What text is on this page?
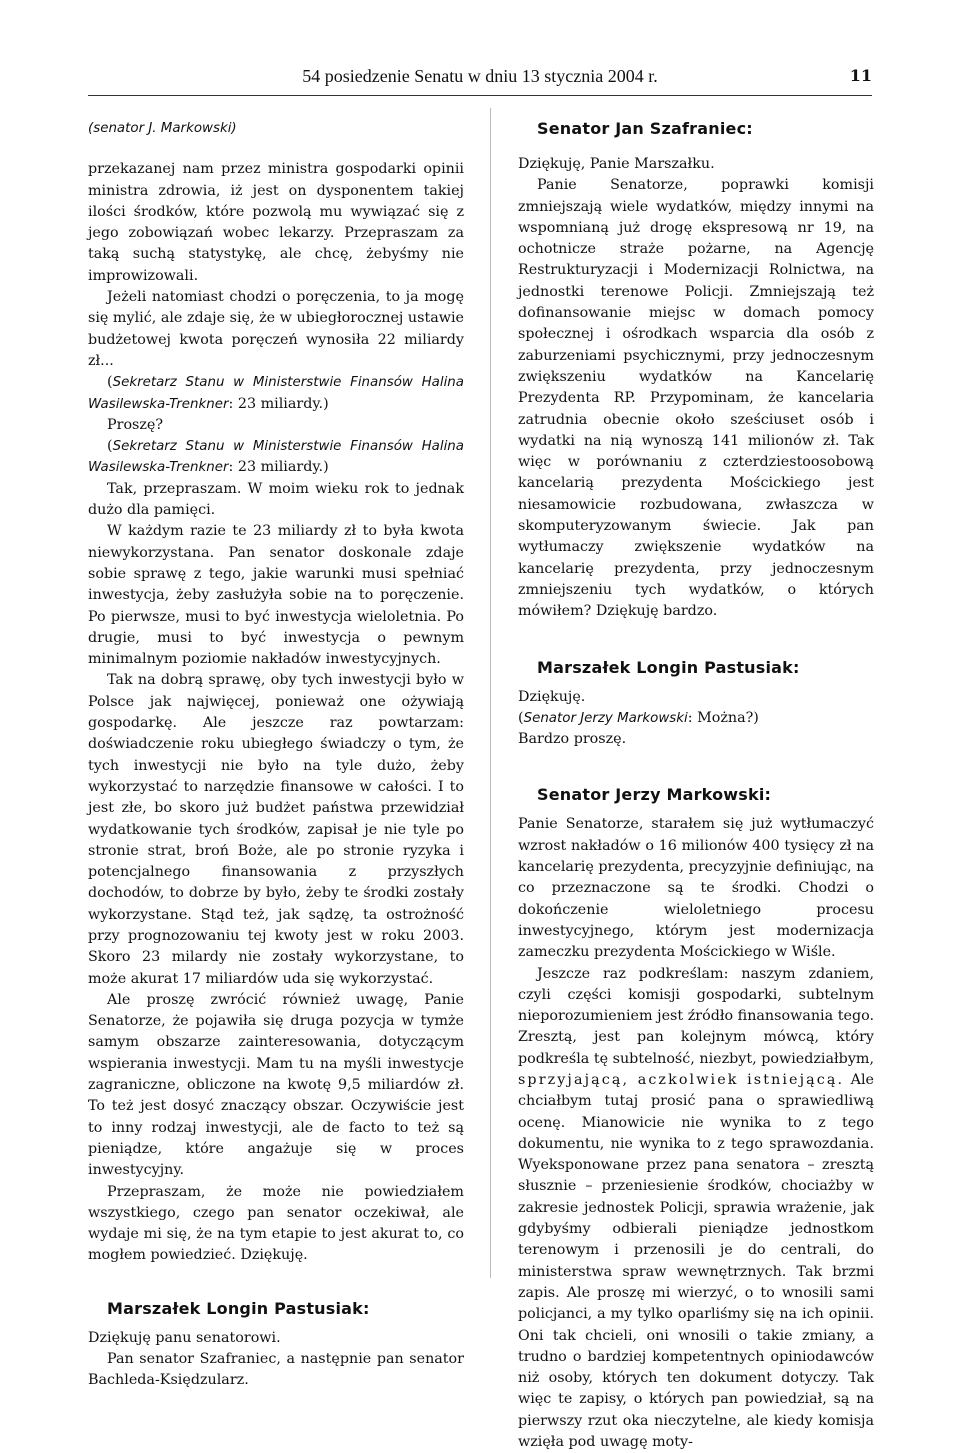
54 posiedzenie Senatu w dniu 13 stycznia 2004 r.	11

(senator J. Markowski)

przekazanej nam przez ministra gospodarki opinii ministra zdrowia, iż jest on dysponentem takiej ilości środków, które pozwolą mu wywiązać się z jego zobowiązań wobec lekarzy. Przepraszam za taką suchą statystykę, ale chcę, żebyśmy nie improwizowali.

Jeżeli natomiast chodzi o poręczenia, to ja mogę się mylić, ale zdaje się, że w ubiegłorocznej ustawie budżetowej kwota poręczeń wynosiła 22 miliardy zł...

(Sekretarz Stanu w Ministerstwie Finansów Halina Wasilewska-Trenkner: 23 miliardy.)

Proszę?

(Sekretarz Stanu w Ministerstwie Finansów Halina Wasilewska-Trenkner: 23 miliardy.)

Tak, przepraszam. W moim wieku rok to jednak dużo dla pamięci.

W każdym razie te 23 miliardy zł to była kwota niewykorzystana. Pan senator doskonale zdaje sobie sprawę z tego, jakie warunki musi spełniać inwestycja, żeby zasłużyła sobie na to poręczenie. Po pierwsze, musi to być inwestycja wieloletnia. Po drugie, musi to być inwestycja o pewnym minimalnym poziomie nakładów inwestycyjnych.

Tak na dobrą sprawę, oby tych inwestycji było w Polsce jak najwięcej, ponieważ one ożywiają gospodarkę. Ale jeszcze raz powtarzam: doświadczenie roku ubiegłego świadczy o tym, że tych inwestycji nie było na tyle dużo, żeby wykorzystać to narzędzie finansowe w całości. I to jest złe, bo skoro już budżet państwa przewidział wydatkowanie tych środków, zapisał je nie tyle po stronie strat, broń Boże, ale po stronie ryzyka i potencjalnego finansowania z przyszłych dochodów, to dobrze by było, żeby te środki zostały wykorzystane. Stąd też, jak sądzę, ta ostrożność przy prognozowaniu tej kwoty jest w roku 2003. Skoro 23 milardy nie zostały wykorzystane, to może akurat 17 miliardów uda się wykorzystać.

Ale proszę zwrócić również uwagę, Panie Senatorze, że pojawiła się druga pozycja w tymże samym obszarze zainteresowania, dotyczącym wspierania inwestycji. Mam tu na myśli inwestycje zagraniczne, obliczone na kwotę 9,5 miliardów zł. To też jest dosyć znaczący obszar. Oczywiście jest to inny rodzaj inwestycji, ale de facto to też są pieniądze, które angażuje się w proces inwestycyjny.

Przepraszam, że może nie powiedziałem wszystkiego, czego pan senator oczekiwał, ale wydaje mi się, że na tym etapie to jest akurat to, co mogłem powiedzieć. Dziękuję.

Marszałek Longin Pastusiak:

Dziękuję panu senatorowi.

Pan senator Szafraniec, a następnie pan senator Bachleda-Księdzularz.

Senator Jan Szafraniec:

Dziękuję, Panie Marszałku.

Panie Senatorze, poprawki komisji zmniejszają wiele wydatków, między innymi na wspomnianą już drogę ekspresową nr 19, na ochotnicze straże pożarne, na Agencję Restrukturyzacji i Modernizacji Rolnictwa, na jednostki terenowe Policji. Zmniejszają też dofinansowanie miejsc w domach pomocy społecznej i ośrodkach wsparcia dla osób z zaburzeniami psychicznymi, przy jednoczesnym zwiększeniu wydatków na Kancelarię Prezydenta RP. Przypominam, że kancelaria zatrudnia obecnie około sześciuset osób i wydatki na nią wynoszą 141 milionów zł. Tak więc w porównaniu z czterdziestoosobową kancelarią prezydenta Mościckiego jest niesamowicie rozbudowana, zwłaszcza w skomputeryzowanym świecie. Jak pan wytłumaczy zwiększenie wydatków na kancelarię prezydenta, przy jednoczesnym zmniejszeniu tych wydatków, o których mówiłem? Dziękuję bardzo.

Marszałek Longin Pastusiak:

Dziękuję.

(Senator Jerzy Markowski: Można?)

Bardzo proszę.

Senator Jerzy Markowski:

Panie Senatorze, starałem się już wytłumaczyć wzrost nakładów o 16 milionów 400 tysięcy zł na kancelarię prezydenta, precyzyjnie definiując, na co przeznaczone są te środki. Chodzi o dokończenie wieloletniego procesu inwestycyjnego, którym jest modernizacja zameczku prezydenta Mościckiego w Wiśle.

Jeszcze raz podkreślam: naszym zdaniem, czyli części komisji gospodarki, subtelnym nieporozumieniem jest źródło finansowania tego. Zresztą, jest pan kolejnym mówcą, który podkreśla tę subtelność, niezbyt, powiedziałbym, sprzyjającą, aczkolwiek istniejącą. Ale chciałbym tutaj prosić pana o sprawiedliwą ocenę. Mianowicie nie wynika to z tego dokumentu, nie wynika to z tego sprawozdania. Wyeksponowane przez pana senatora – zresztą słusznie – przeniesienie środków, chociażby w zakresie jednostek Policji, sprawia wrażenie, jak gdybyśmy odbierali pieniądze jednostkom terenowym i przenosili je do centrali, do ministerstwa spraw wewnętrznych. Tak brzmi zapis. Ale proszę mi wierzyć, o to wnosili sami policjanci, a my tylko oparliśmy się na ich opinii. Oni tak chcieli, oni wnosili o takie zmiany, a trudno o bardziej kompetentnych opiniodawców niż osoby, których ten dokument dotyczy. Tak więc te zapisy, o których pan powiedział, są na pierwszy rzut oka nieczytelne, ale kiedy komisja wzięła pod uwagę moty-
